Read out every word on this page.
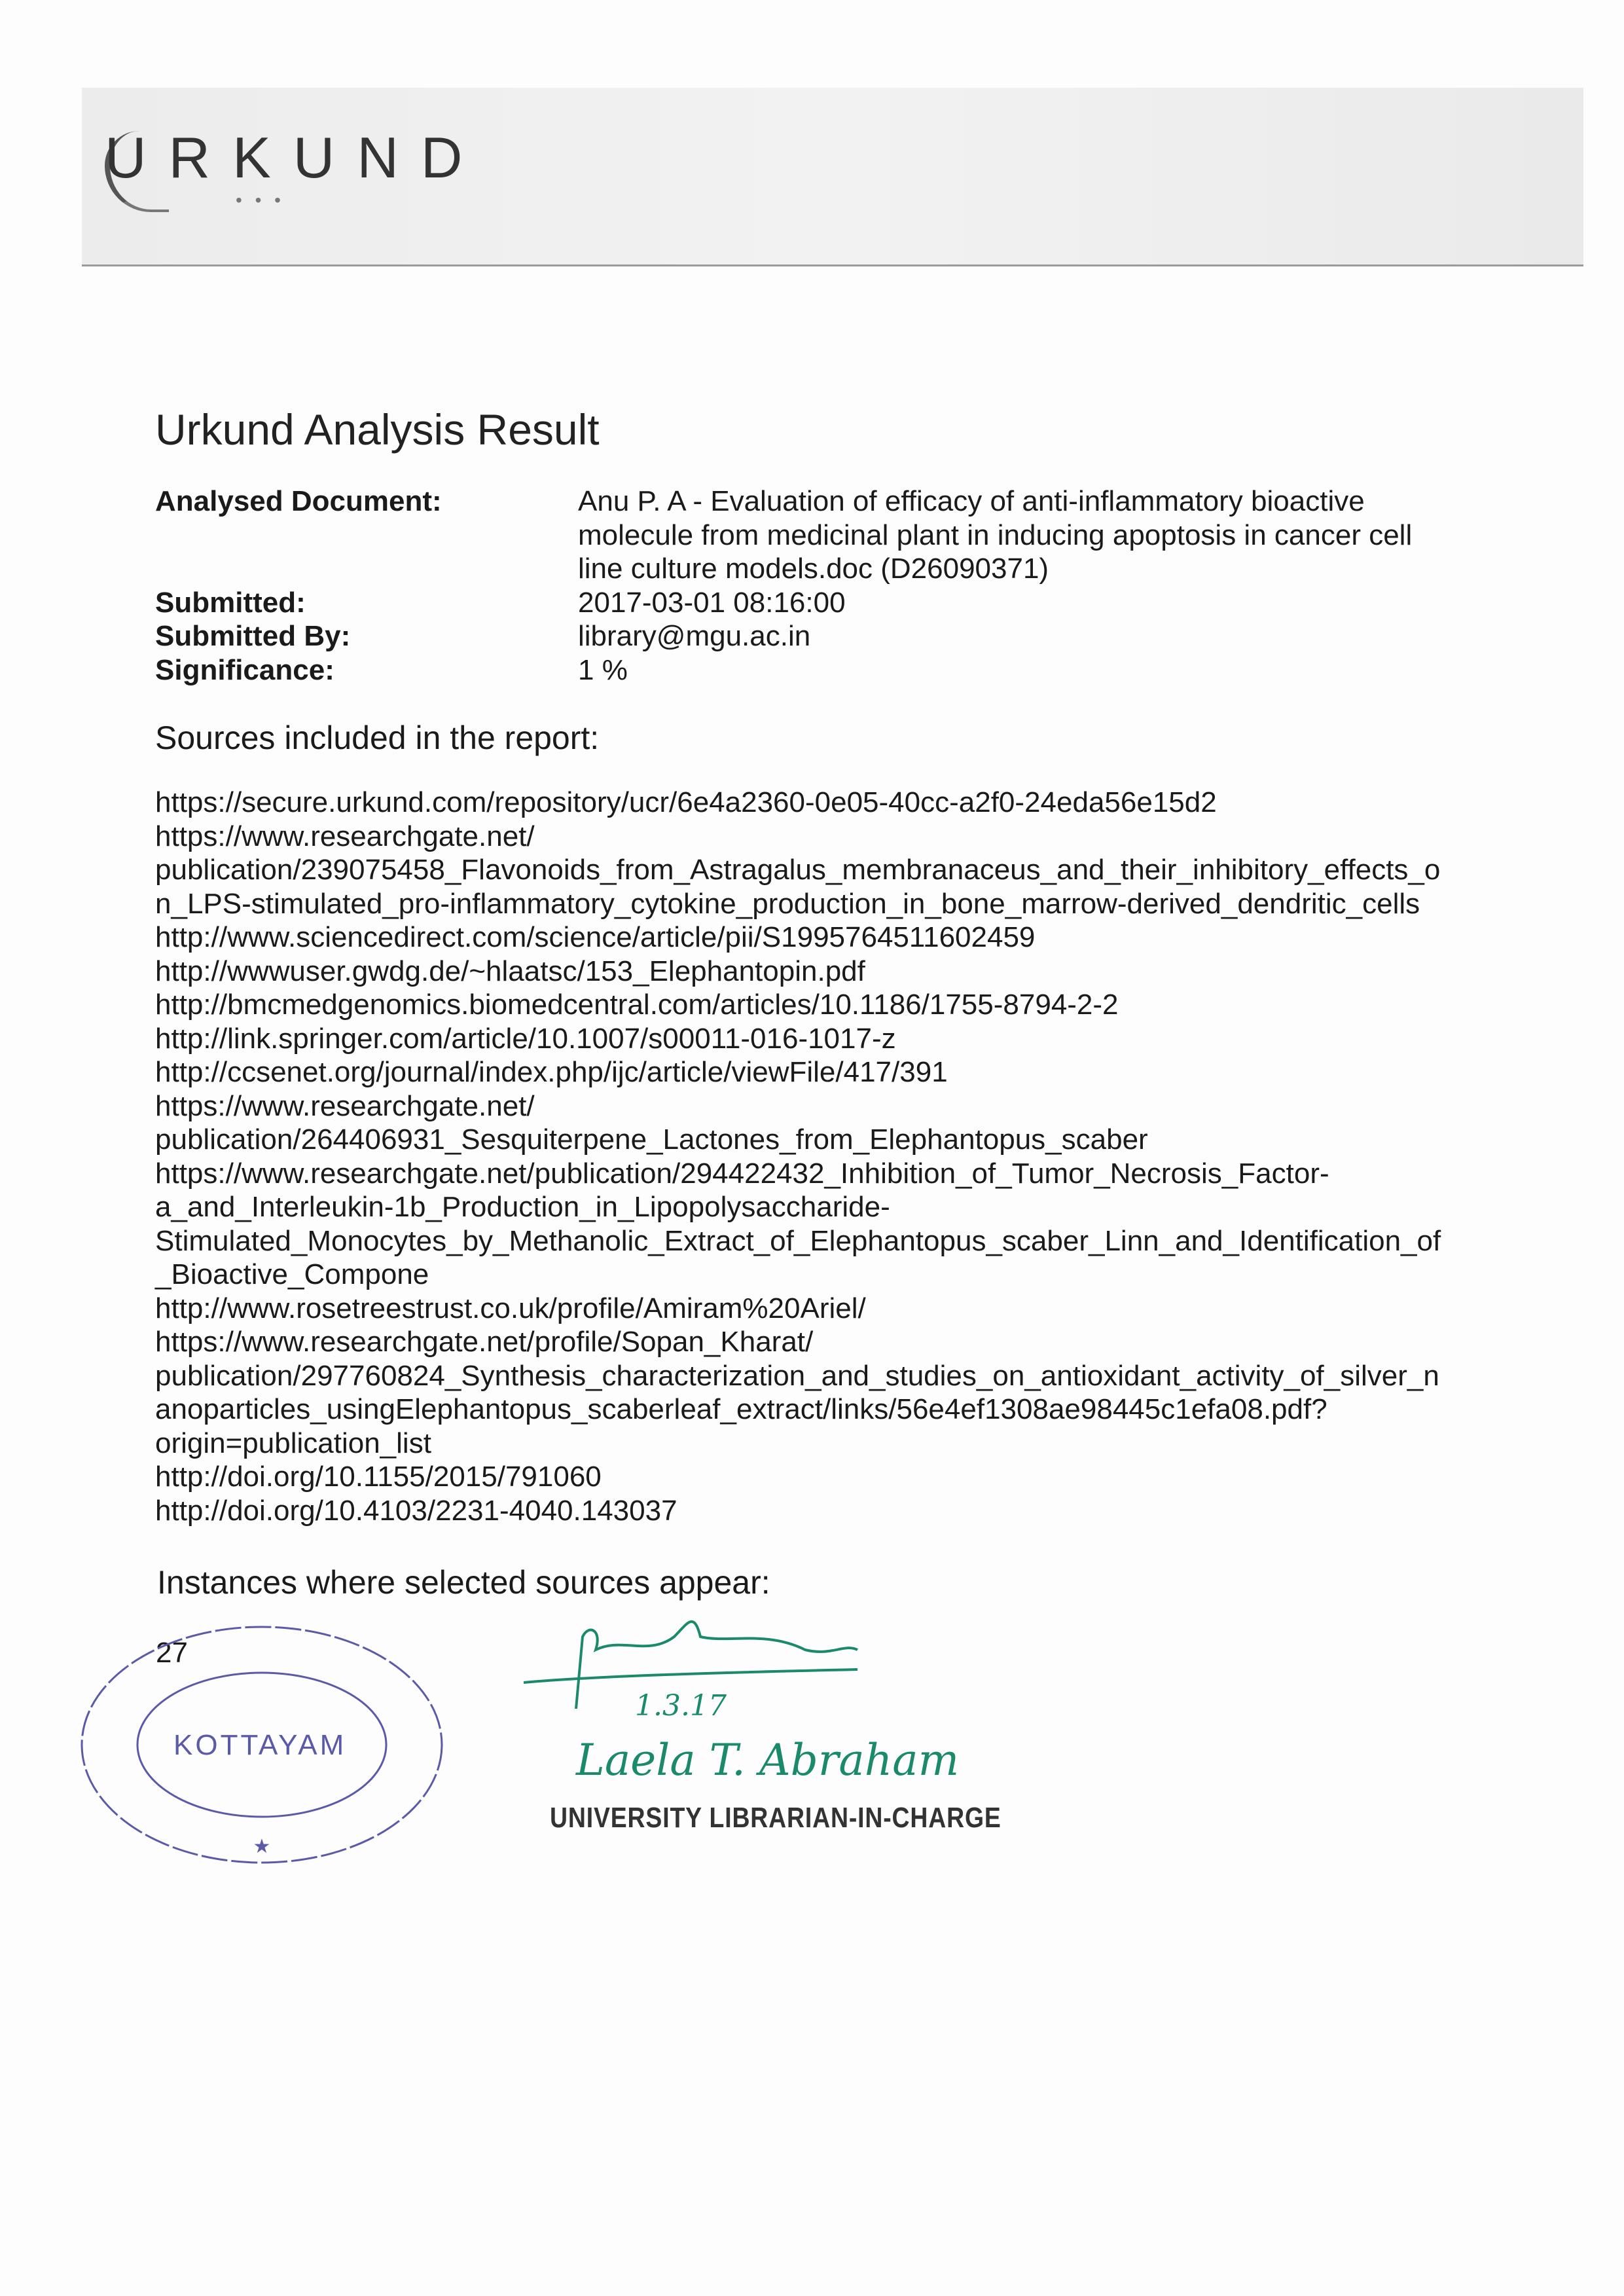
URKUND
• • •
Urkund Analysis Result
Analysed Document:	Anu P. A - Evaluation of efficacy of anti-inflammatory bioactive molecule from medicinal plant in inducing apoptosis in cancer cell line culture models.doc (D26090371)
Submitted:	2017-03-01 08:16:00
Submitted By:	library@mgu.ac.in
Significance:	1 %
Sources included in the report:
https://secure.urkund.com/repository/ucr/6e4a2360-0e05-40cc-a2f0-24eda56e15d2
https://www.researchgate.net/
publication/239075458_Flavonoids_from_Astragalus_membranaceus_and_their_inhibitory_effects_o
n_LPS-stimulated_pro-inflammatory_cytokine_production_in_bone_marrow-derived_dendritic_cells
http://www.sciencedirect.com/science/article/pii/S1995764511602459
http://wwwuser.gwdg.de/~hlaatsc/153_Elephantopin.pdf
http://bmcmedgenomics.biomedcentral.com/articles/10.1186/1755-8794-2-2
http://link.springer.com/article/10.1007/s00011-016-1017-z
http://ccsenet.org/journal/index.php/ijc/article/viewFile/417/391
https://www.researchgate.net/
publication/264406931_Sesquiterpene_Lactones_from_Elephantopus_scaber
https://www.researchgate.net/publication/294422432_Inhibition_of_Tumor_Necrosis_Factor-
a_and_Interleukin-1b_Production_in_Lipopolysaccharide-
Stimulated_Monocytes_by_Methanolic_Extract_of_Elephantopus_scaber_Linn_and_Identification_of
_Bioactive_Compone
http://www.rosetreestrust.co.uk/profile/Amiram%20Ariel/
https://www.researchgate.net/profile/Sopan_Kharat/
publication/297760824_Synthesis_characterization_and_studies_on_antioxidant_activity_of_silver_n
anoparticles_usingElephantopus_scaberleaf_extract/links/56e4ef1308ae98445c1efa08.pdf?
origin=publication_list
http://doi.org/10.1155/2015/791060
http://doi.org/10.4103/2231-4040.143037
Instances where selected sources appear:
27
KOTTAYAM
★
1.3.17
Laela T. Abraham
UNIVERSITY LIBRARIAN-IN-CHARGE
